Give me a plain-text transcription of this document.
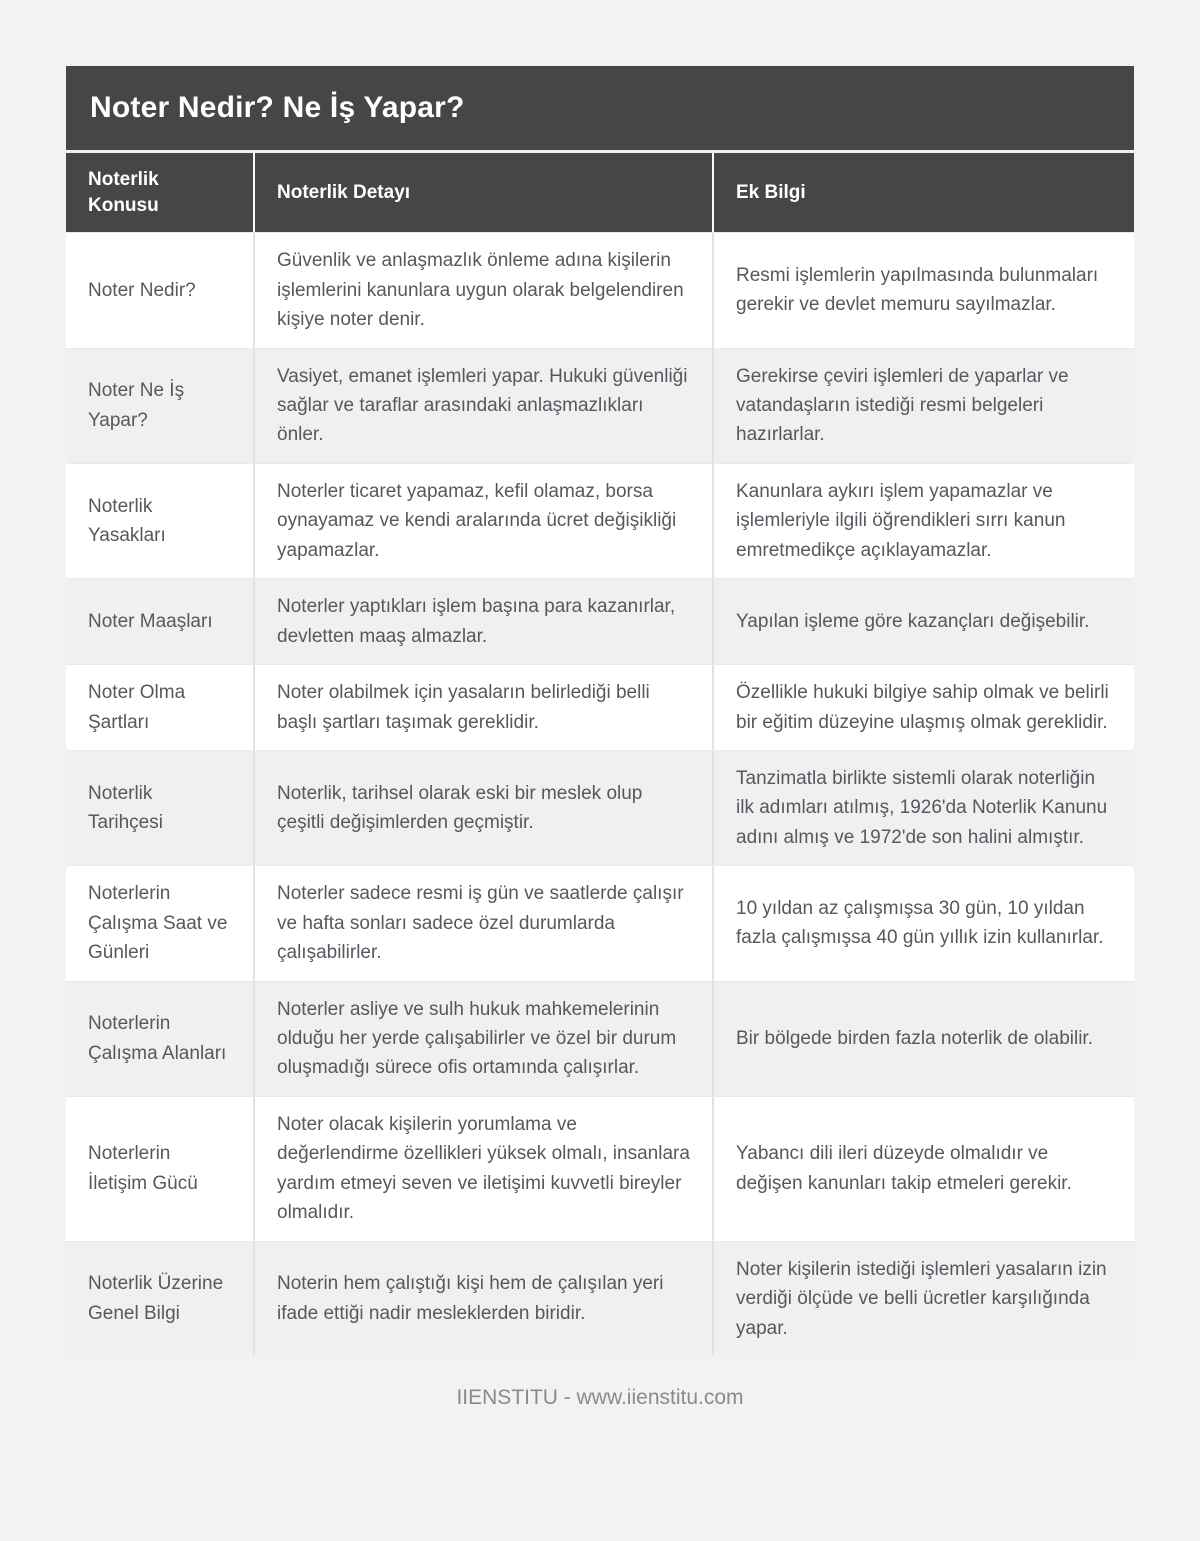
Noter Nedir? Ne İş Yapar?
Noterlik Konusu
Noterlik Detayı	Ek Bilgi
Noter Nedir?
Güvenlik ve anlaşmazlık önleme adına kişilerin işlemlerini kanunlara uygun olarak belgelendiren kişiye noter denir.
Resmi işlemlerin yapılmasında bulunmaları gerekir ve devlet memuru sayılmazlar.
Noter Ne İş Yapar?
Vasiyet, emanet işlemleri yapar. Hukuki güvenliği sağlar ve taraflar arasındaki anlaşmazlıkları önler.
Gerekirse çeviri işlemleri de yaparlar ve vatandaşların istediği resmi belgeleri hazırlarlar.
Noterlik Yasakları
Noterler ticaret yapamaz, kefil olamaz, borsa oynayamaz ve kendi aralarında ücret değişikliği yapamazlar.
Kanunlara aykırı işlem yapamazlar ve işlemleriyle ilgili öğrendikleri sırrı kanun emretmedikçe açıklayamazlar.
Noter Maaşları
Noterler yaptıkları işlem başına para kazanırlar, devletten maaş almazlar.
Yapılan işleme göre kazançları değişebilir.
Noter Olma Şartları
Noter olabilmek için yasaların belirlediği belli başlı şartları taşımak gereklidir.
Özellikle hukuki bilgiye sahip olmak ve belirli bir eğitim düzeyine ulaşmış olmak gereklidir.
Noterlik Tarihçesi
Noterlik, tarihsel olarak eski bir meslek olup çeşitli değişimlerden geçmiştir.
Tanzimatla birlikte sistemli olarak noterliğin ilk adımları atılmış, 1926'da Noterlik Kanunu adını almış ve 1972'de son halini almıştır.
Noterlerin Çalışma Saat ve Günleri
Noterler sadece resmi iş gün ve saatlerde çalışır ve hafta sonları sadece özel durumlarda çalışabilirler.
10 yıldan az çalışmışsa 30 gün, 10 yıldan fazla çalışmışsa 40 gün yıllık izin kullanırlar.
Noterlerin Çalışma Alanları
Noterler asliye ve sulh hukuk mahkemelerinin olduğu her yerde çalışabilirler ve özel bir durum oluşmadığı sürece ofis ortamında çalışırlar.
Bir bölgede birden fazla noterlik de olabilir.
Noterlerin İletişim Gücü
Noter olacak kişilerin yorumlama ve değerlendirme özellikleri yüksek olmalı, insanlara yardım etmeyi seven ve iletişimi kuvvetli bireyler olmalıdır.
Yabancı dili ileri düzeyde olmalıdır ve değişen kanunları takip etmeleri gerekir.
Noterlik Üzerine Genel Bilgi
Noterin hem çalıştığı kişi hem de çalışılan yeri ifade ettiği nadir mesleklerden biridir.
Noter kişilerin istediği işlemleri yasaların izin verdiği ölçüde ve belli ücretler karşılığında yapar.
IIENSTITU - www.iienstitu.com
